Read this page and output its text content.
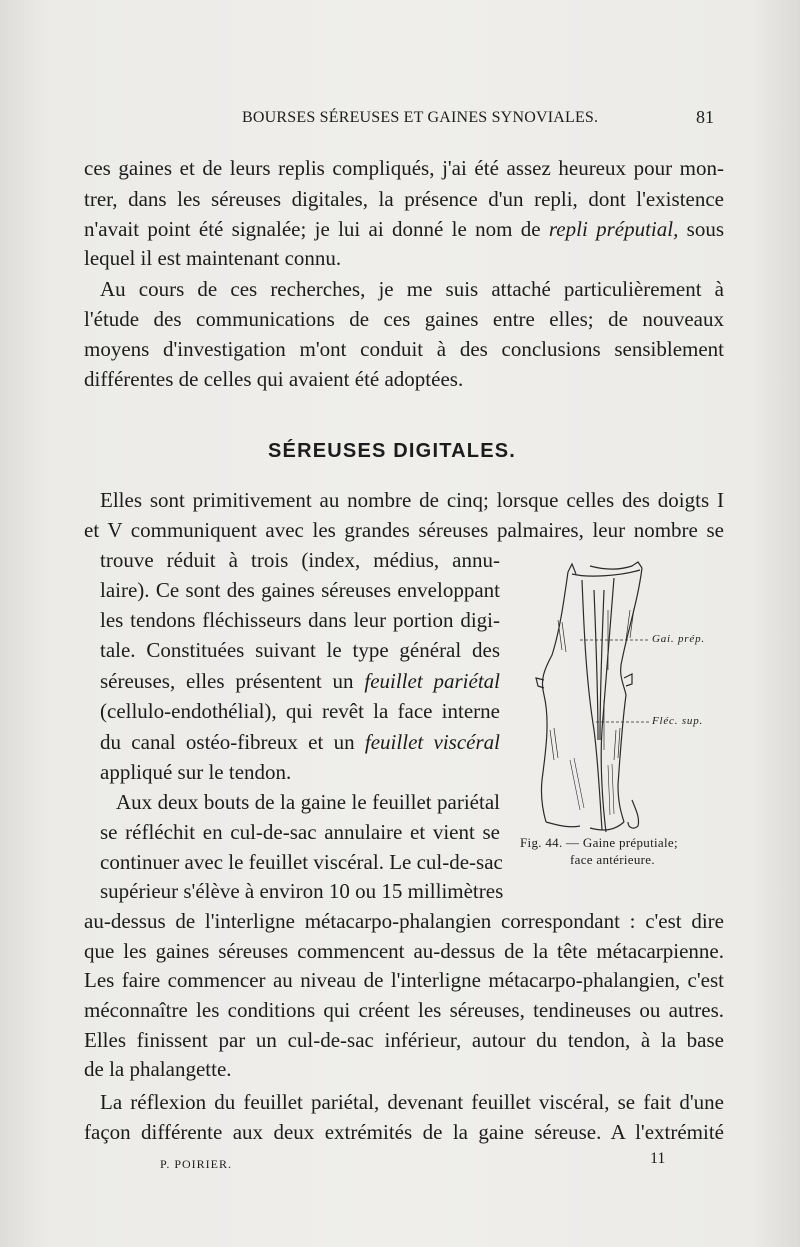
BOURSES SÉREUSES ET GAINES SYNOVIALES.	81
ces gaines et de leurs replis compliqués, j'ai été assez heureux pour mon-
trer, dans les séreuses digitales, la présence d'un repli, dont l'existence
n'avait point été signalée; je lui ai donné le nom de repli préputial, sous
lequel il est maintenant connu.
Au cours de ces recherches, je me suis attaché particulièrement à
l'étude des communications de ces gaines entre elles; de nouveaux
moyens d'investigation m'ont conduit à des conclusions sensiblement
différentes de celles qui avaient été adoptées.
SÉREUSES DIGITALES.
Elles sont primitivement au nombre de cinq; lorsque celles des doigts I
et V communiquent avec les grandes séreuses palmaires, leur nombre se
trouve réduit à trois (index, médius, annu-
laire). Ce sont des gaines séreuses enveloppant
les tendons fléchisseurs dans leur portion digi-
tale. Constituées suivant le type général des
séreuses, elles présentent un feuillet pariétal
(cellulo-endothélial), qui revêt la face interne
du canal ostéo-fibreux et un feuillet viscéral
appliqué sur le tendon.
Aux deux bouts de la gaine le feuillet pariétal
se réfléchit en cul-de-sac annulaire et vient se
continuer avec le feuillet viscéral. Le cul-de-sac
supérieur s'élève à environ 10 ou 15 millimètres
au-dessus de l'interligne métacarpo-phalangien correspondant : c'est dire
que les gaines séreuses commencent au-dessus de la tête métacarpienne.
Les faire commencer au niveau de l'interligne métacarpo-phalangien, c'est
méconnaître les conditions qui créent les séreuses, tendineuses ou autres.
Elles finissent par un cul-de-sac inférieur, autour du tendon, à la base
de la phalangette.
La réflexion du feuillet pariétal, devenant feuillet viscéral, se fait d'une
façon différente aux deux extrémités de la gaine séreuse. A l'extrémité
Gai. prép.
Fléc. sup.
Fig. 44. — Gaine préputiale;
face antérieure.
P. POIRIER.	11
